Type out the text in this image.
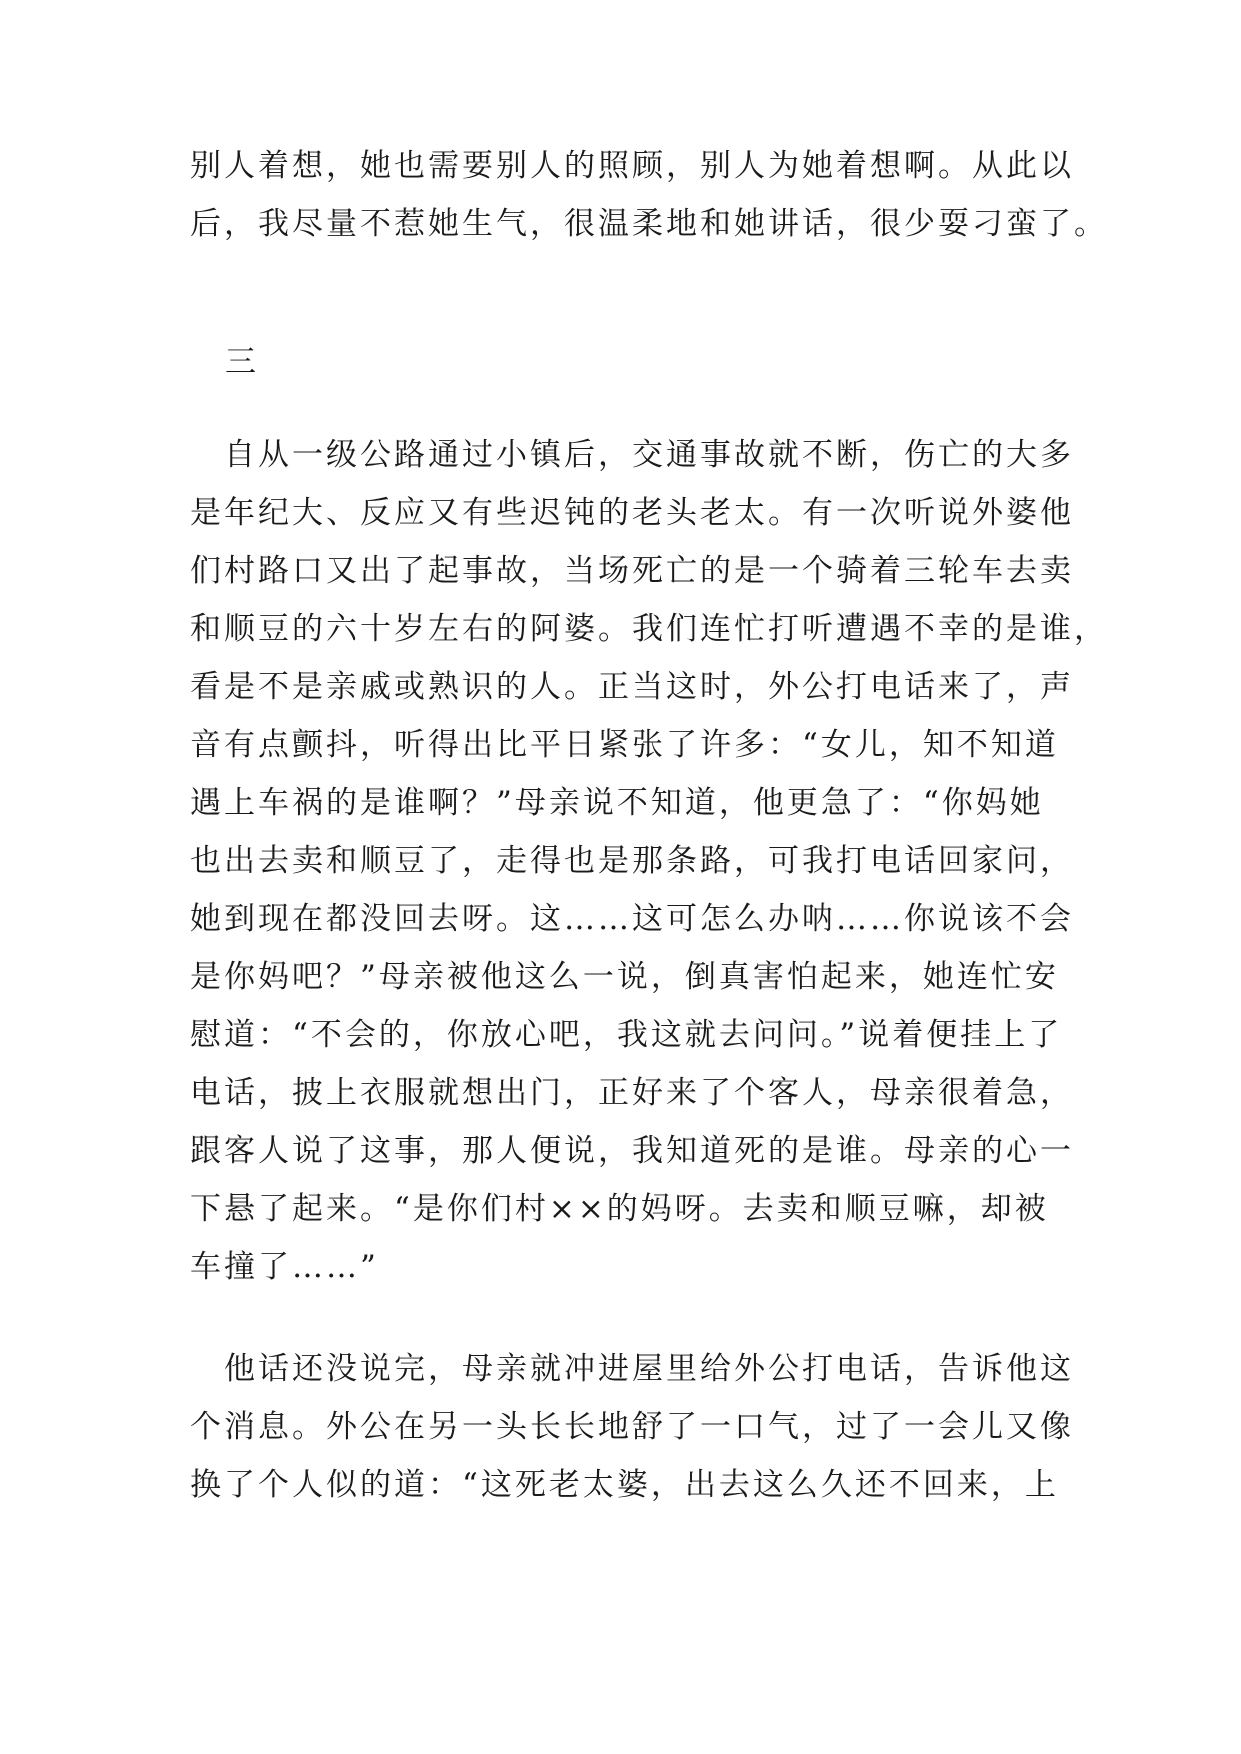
别人着想，她也需要别人的照顾，别人为她着想啊。从此以
后，我尽量不惹她生气，很温柔地和她讲话，很少耍刁蛮了。
三
　自从一级公路通过小镇后，交通事故就不断，伤亡的大多
是年纪大、反应又有些迟钝的老头老太。有一次听说外婆他
们村路口又出了起事故，当场死亡的是一个骑着三轮车去卖
和顺豆的六十岁左右的阿婆。我们连忙打听遭遇不幸的是谁，
看是不是亲戚或熟识的人。正当这时，外公打电话来了，声
音有点颤抖，听得出比平日紧张了许多：“女儿，知不知道
遇上车祸的是谁啊？”母亲说不知道，他更急了：“你妈她
也出去卖和顺豆了，走得也是那条路，可我打电话回家问，
她到现在都没回去呀。这……这可怎么办呐……你说该不会
是你妈吧？”母亲被他这么一说，倒真害怕起来，她连忙安
慰道：“不会的，你放心吧，我这就去问问。”说着便挂上了
电话，披上衣服就想出门，正好来了个客人，母亲很着急，
跟客人说了这事，那人便说，我知道死的是谁。母亲的心一
下悬了起来。“是你们村××的妈呀。去卖和顺豆嘛，却被
车撞了……”
　他话还没说完，母亲就冲进屋里给外公打电话，告诉他这
个消息。外公在另一头长长地舒了一口气，过了一会儿又像
换了个人似的道：“这死老太婆，出去这么久还不回来，上
